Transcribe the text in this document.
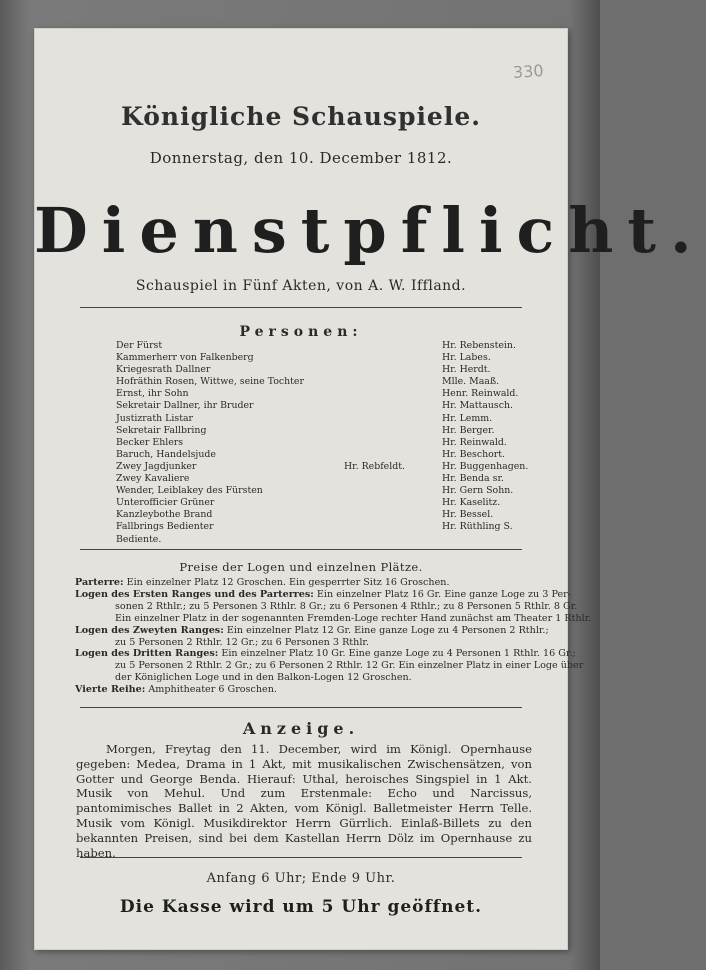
330
Königliche Schauspiele.
Donnerstag, den 10. December 1812.
Dienstpflicht.
Schauspiel in Fünf Akten, von A. W. Iffland.
Personen:
Der Fürst	Hr. Rebenstein.
Kammerherr von Falkenberg	Hr. Labes.
Kriegesrath Dallner	Hr. Herdt.
Hofräthin Rosen, Wittwe, seine Tochter	Mlle. Maaß.
Ernst, ihr Sohn	Henr. Reinwald.
Sekretair Dallner, ihr Bruder	Hr. Mattausch.
Justizrath Listar	Hr. Lemm.
Sekretair Fallbring	Hr. Berger.
Becker Ehlers	Hr. Reinwald.
Baruch, Handelsjude	Hr. Beschort.
Zwey Jagdjunker	Hr. Rebfeldt.	Hr. Buggenhagen.
Zwey Kavaliere	Hr. Benda sr.
Wender, Leiblakey des Fürsten	Hr. Gern Sohn.
Unterofficier Grüner	Hr. Kaselitz.
Kanzleybothe Brand	Hr. Bessel.
Fallbrings Bedienter	Hr. Rüthling S.
Bediente.
Preise der Logen und einzelnen Plätze.
Parterre: Ein einzelner Platz 12 Groschen. Ein gesperrter Sitz 16 Groschen.
Logen des Ersten Ranges und des Parterres: Ein einzelner Platz 16 Gr. Eine ganze Loge zu 3 Per-
sonen 2 Rthlr.; zu 5 Personen 3 Rthlr. 8 Gr.; zu 6 Personen 4 Rthlr.; zu 8 Personen 5 Rthlr. 8 Gr.
Ein einzelner Platz in der sogenannten Fremden-Loge rechter Hand zunächst am Theater 1 Rthlr.
Logen des Zweyten Ranges: Ein einzelner Platz 12 Gr. Eine ganze Loge zu 4 Personen 2 Rthlr.;
zu 5 Personen 2 Rthlr. 12 Gr.; zu 6 Personen 3 Rthlr.
Logen des Dritten Ranges: Ein einzelner Platz 10 Gr. Eine ganze Loge zu 4 Personen 1 Rthlr. 16 Gr.;
zu 5 Personen 2 Rthlr. 2 Gr.; zu 6 Personen 2 Rthlr. 12 Gr. Ein einzelner Platz in einer Loge über
der Königlichen Loge und in den Balkon-Logen 12 Groschen.
Vierte Reihe: Amphitheater 6 Groschen.
Anzeige.

Morgen, Freytag den 11. December, wird im Königl. Opernhause gegeben: Medea, Drama in 1 Akt, mit musikalischen Zwischensätzen, von Gotter und George Benda. Hierauf: Uthal, heroisches Singspiel in 1 Akt. Musik von Mehul. Und zum Erstenmale: Echo und Narcissus, pantomimisches Ballet in 2 Akten, vom Königl. Balletmeister Herrn Telle. Musik vom Königl. Musikdirektor Herrn Gürrlich. Einlaß-Billets zu den bekannten Preisen, sind bei dem Kastellan Herrn Dölz im Opernhause zu haben.

Anfang 6 Uhr; Ende 9 Uhr.
Die Kasse wird um 5 Uhr geöffnet.
